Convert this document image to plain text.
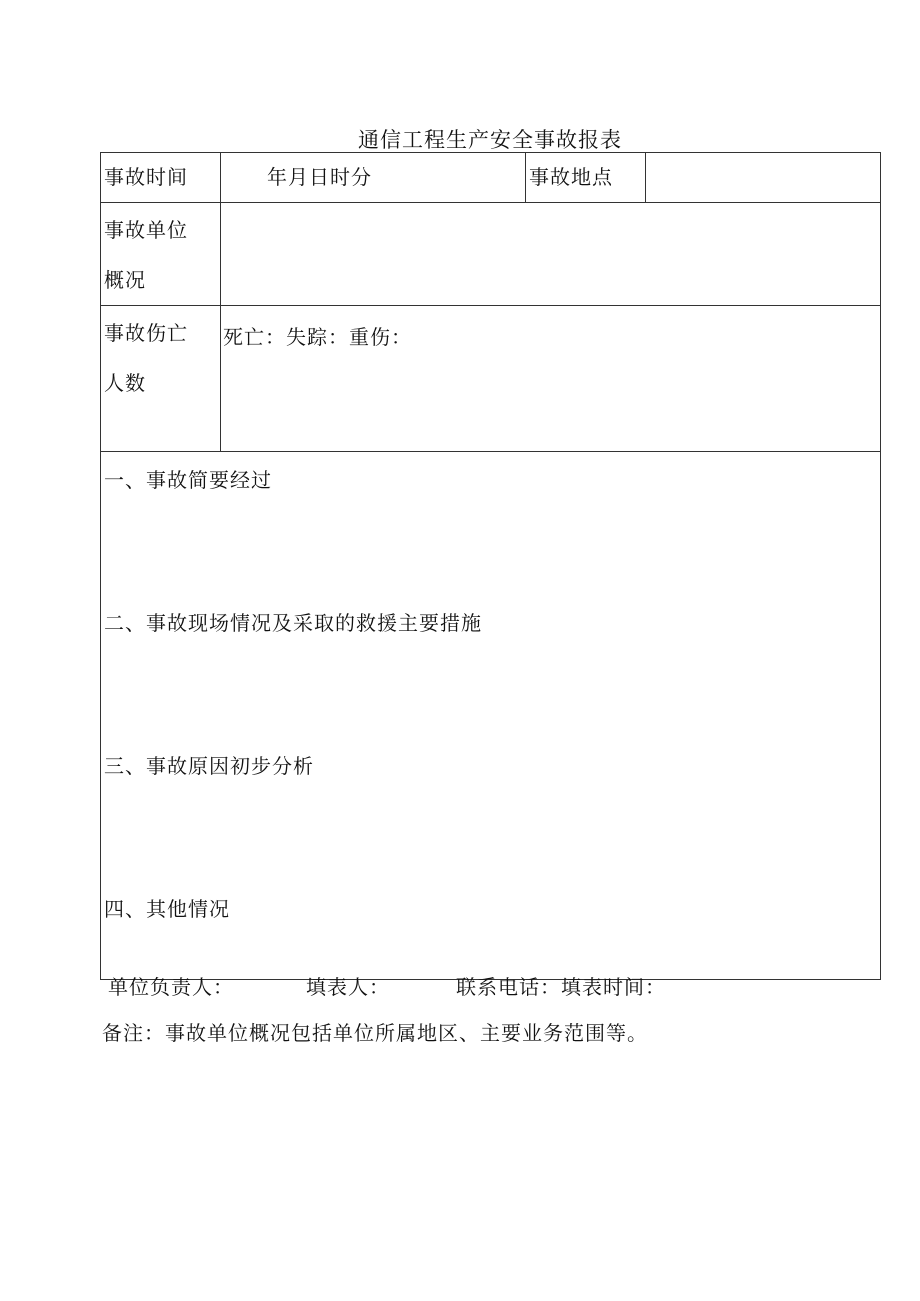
通信工程生产安全事故报表
事故时间	年月日时分	事故地点	

事故单位
概况			

事故伤亡
人数	死亡：失踪：重伤：		

一、事故简要经过
二、事故现场情况及采取的救援主要措施
三、事故原因初步分析
四、其他情况			
单位负责人：	填表人：	联系电话：填表时间：
备注：事故单位概况包括单位所属地区、主要业务范围等。
